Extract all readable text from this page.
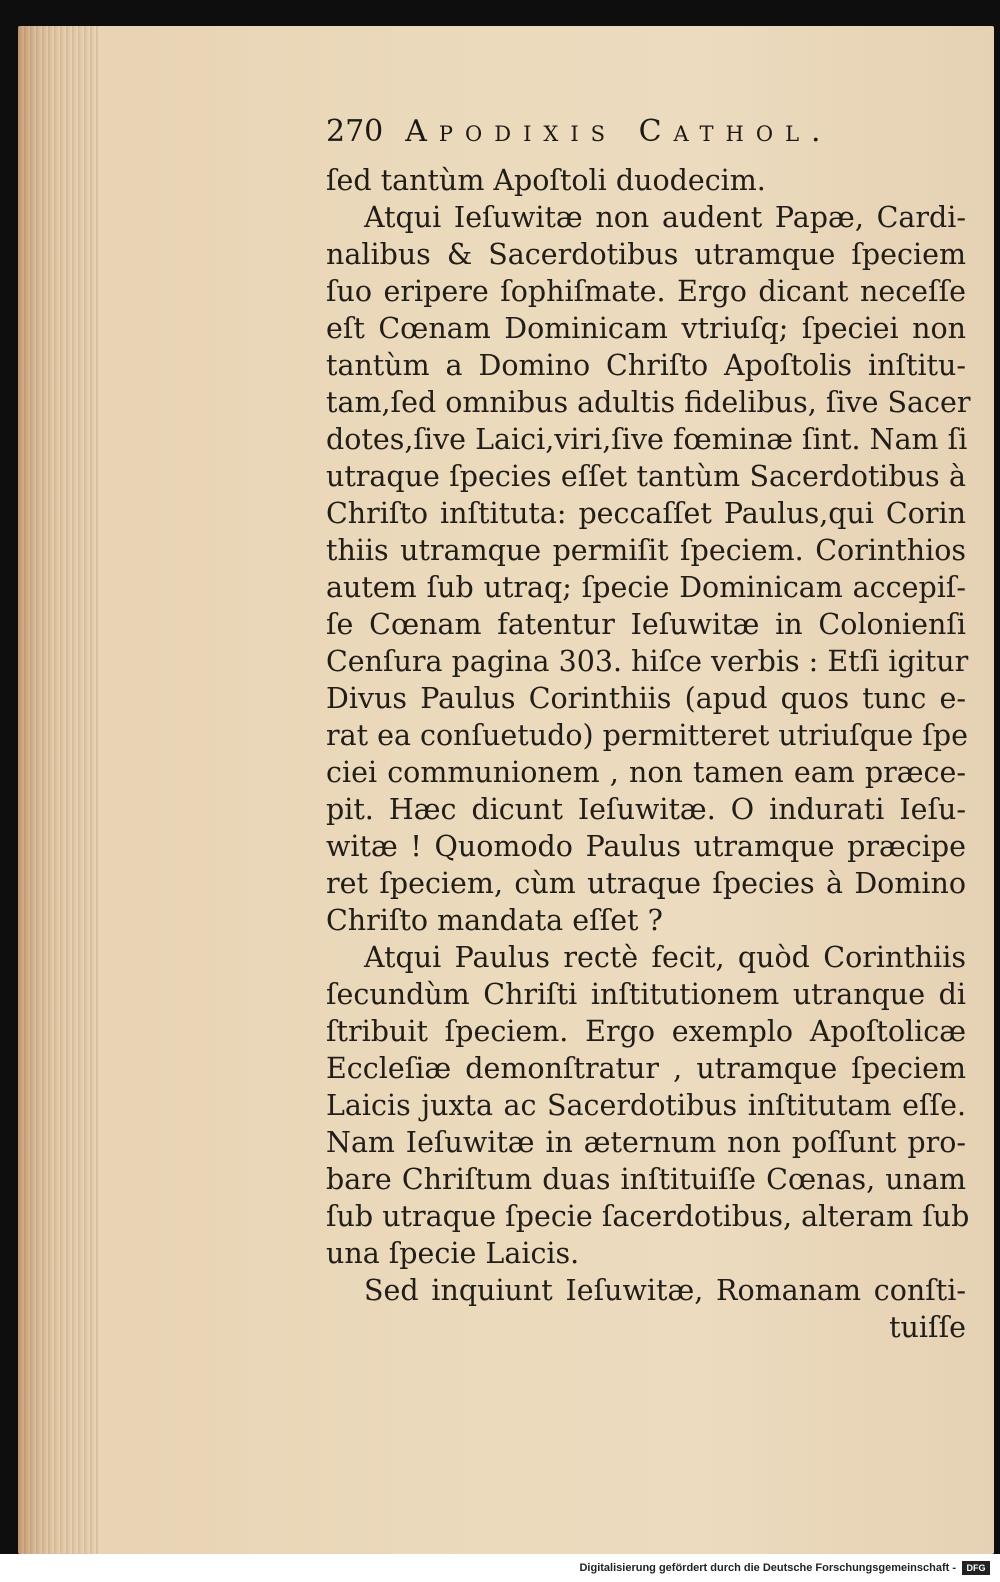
270 Apodixis Cathol.
ſed tantùm Apoſtoli duodecim.
Atqui Ieſuwitæ non audent Papæ, Cardi-
nalibus & Sacerdotibus utramque ſpeciem
ſuo eripere ſophiſmate. Ergo dicant neceſſe
eſt Cœnam Dominicam vtriuſq; ſpeciei non
tantùm a Domino Chriſto Apoſtolis inſtitu-
tam,ſed omnibus adultis fidelibus, ſive Sacer
dotes,ſive Laici,viri,ſive fœminæ ſint. Nam ſi
utraque ſpecies eſſet tantùm Sacerdotibus à
Chriſto inſtituta: peccaſſet Paulus,qui Corin
thiis utramque permiſit ſpeciem. Corinthios
autem ſub utraq; ſpecie Dominicam accepiſ-
ſe Cœnam fatentur Ieſuwitæ in Colonienſi
Cenſura pagina 303. hiſce verbis : Etſi igitur
Divus Paulus Corinthiis (apud quos tunc e-
rat ea conſuetudo) permitteret utriuſque ſpe
ciei communionem , non tamen eam præce-
pit. Hæc dicunt Ieſuwitæ. O indurati Ieſu-
witæ ! Quomodo Paulus utramque præcipe
ret ſpeciem, cùm utraque ſpecies à Domino
Chriſto mandata eſſet ?
Atqui Paulus rectè fecit, quòd Corinthiis
ſecundùm Chriſti inſtitutionem utranque di
ſtribuit ſpeciem. Ergo exemplo Apoſtolicæ
Eccleſiæ demonſtratur , utramque ſpeciem
Laicis juxta ac Sacerdotibus inſtitutam eſſe.
Nam Ieſuwitæ in æternum non poſſunt pro-
bare Chriſtum duas inſtituiſſe Cœnas, unam
ſub utraque ſpecie ſacerdotibus, alteram ſub
una ſpecie Laicis.
Sed inquiunt Ieſuwitæ, Romanam conſti-
tuiſſe
Digitalisierung gefördert durch die Deutsche Forschungsgemeinschaft -	DFG
